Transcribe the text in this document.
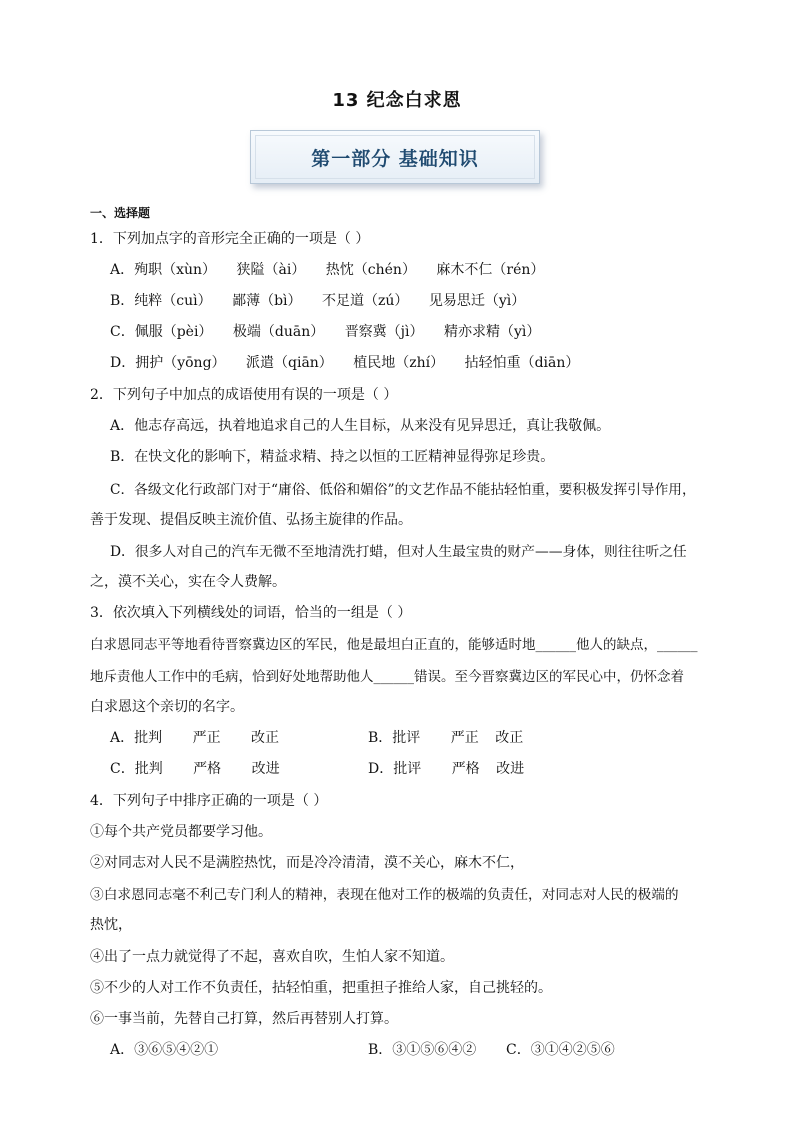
13 纪念白求恩
第一部分 基础知识
一、选择题
1．下列加点字的音形完全正确的一项是（ ）
A．殉职（xùn） 狭隘（ài） 热忱（chén） 麻木不仁（rén）
B．纯粹（cuì） 鄙薄（bì） 不足道（zú） 见易思迁（yì）
C．佩服（pèi） 极端（duān） 晋察冀（jì） 精亦求精（yì）
D．拥护（yōng） 派遣（qiān） 植民地（zhí） 拈轻怕重（diān）
2．下列句子中加点的成语使用有误的一项是（ ）
A．他志存高远，执着地追求自己的人生目标，从来没有见异思迁，真让我敬佩。
B．在快文化的影响下，精益求精、持之以恒的工匠精神显得弥足珍贵。
C．各级文化行政部门对于“庸俗、低俗和媚俗”的文艺作品不能拈轻怕重，要积极发挥引导作用，
善于发现、提倡反映主流价值、弘扬主旋律的作品。
D．很多人对自己的汽车无微不至地清洗打蜡，但对人生最宝贵的财产——身体，则往往听之任
之，漠不关心，实在令人费解。
3．依次填入下列横线处的词语，恰当的一组是（ ）
白求恩同志平等地看待晋察冀边区的军民，他是最坦白正直的，能够适时地______他人的缺点，______
地斥责他人工作中的毛病，恰到好处地帮助他人______错误。至今晋察冀边区的军民心中，仍怀念着
白求恩这个亲切的名字。
A．批判 严正 改正	B．批评 严正 改正
C．批判 严格 改进	D．批评 严格 改进
4．下列句子中排序正确的一项是（ ）
①每个共产党员都要学习他。
②对同志对人民不是满腔热忱，而是冷冷清清，漠不关心，麻木不仁，
③白求恩同志毫不利己专门利人的精神，表现在他对工作的极端的负责任，对同志对人民的极端的
热忱，
④出了一点力就觉得了不起，喜欢自吹，生怕人家不知道。
⑤不少的人对工作不负责任，拈轻怕重，把重担子推给人家，自己挑轻的。
⑥一事当前，先替自己打算，然后再替别人打算。
A．③⑥⑤④②①	B．③①⑤⑥④② C．③①④②⑤⑥
